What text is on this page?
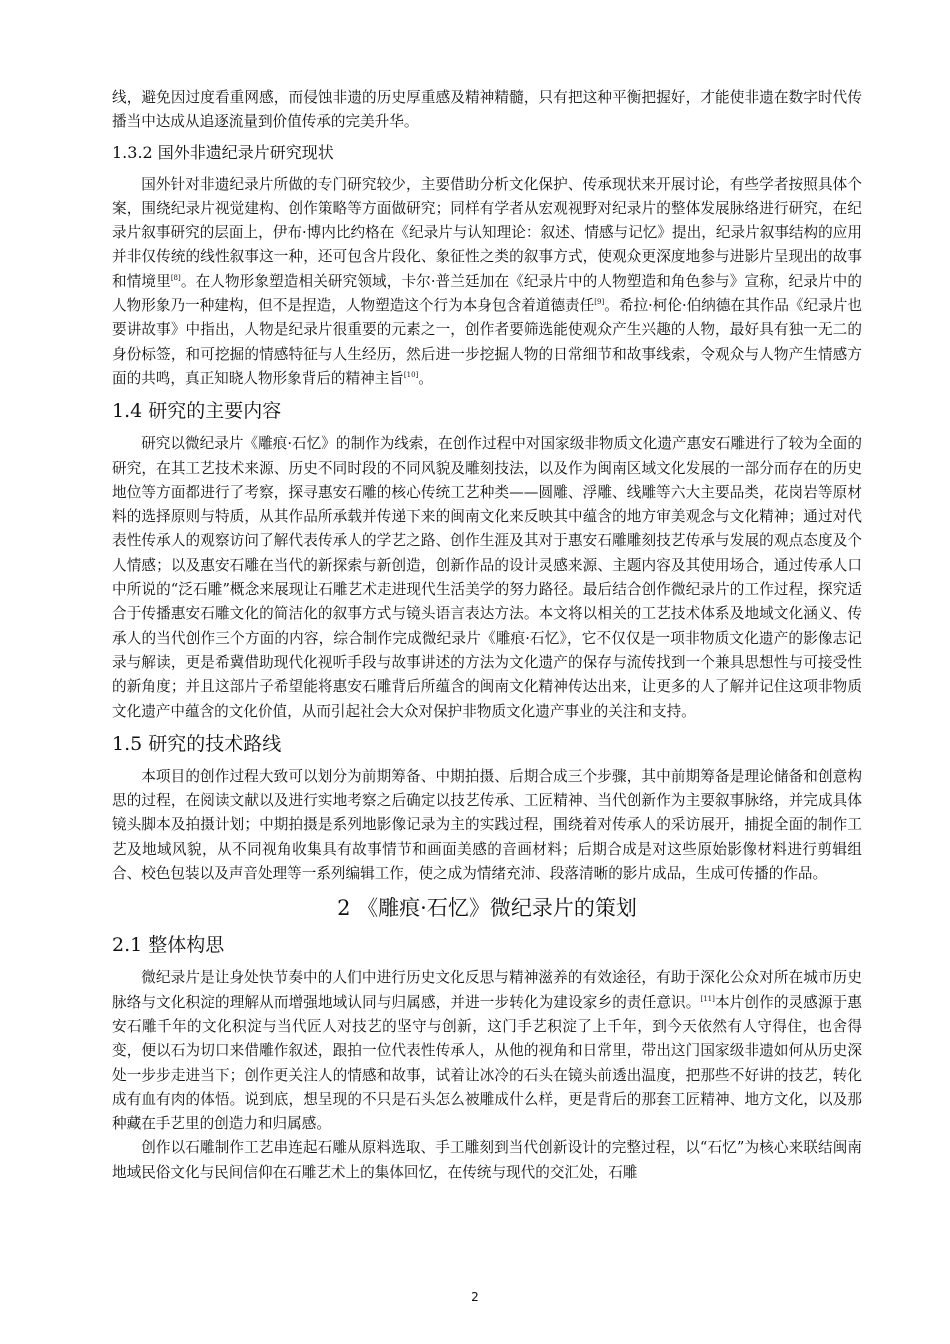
线，避免因过度看重网感，而侵蚀非遗的历史厚重感及精神精髓，只有把这种平衡把握好，才能使非遗在数字时代传播当中达成从追逐流量到价值传承的完美升华。

1.3.2 国外非遗纪录片研究现状

国外针对非遗纪录片所做的专门研究较少，主要借助分析文化保护、传承现状来开展讨论，有些学者按照具体个案，围绕纪录片视觉建构、创作策略等方面做研究；同样有学者从宏观视野对纪录片的整体发展脉络进行研究，在纪录片叙事研究的层面上，伊布·博内比约格在《纪录片与认知理论：叙述、情感与记忆》提出，纪录片叙事结构的应用并非仅传统的线性叙事这一种，还可包含片段化、象征性之类的叙事方式，使观众更深度地参与进影片呈现出的故事和情境里[8]。在人物形象塑造相关研究领域，卡尔·普兰廷加在《纪录片中的人物塑造和角色参与》宣称，纪录片中的人物形象乃一种建构，但不是捏造，人物塑造这个行为本身包含着道德责任[9]。希拉·柯伦·伯纳德在其作品《纪录片也要讲故事》中指出，人物是纪录片很重要的元素之一，创作者要筛选能使观众产生兴趣的人物，最好具有独一无二的身份标签，和可挖掘的情感特征与人生经历，然后进一步挖掘人物的日常细节和故事线索，令观众与人物产生情感方面的共鸣，真正知晓人物形象背后的精神主旨[10]。

1.4 研究的主要内容

研究以微纪录片《雕痕·石忆》的制作为线索，在创作过程中对国家级非物质文化遗产惠安石雕进行了较为全面的研究，在其工艺技术来源、历史不同时段的不同风貌及雕刻技法，以及作为闽南区域文化发展的一部分而存在的历史地位等方面都进行了考察，探寻惠安石雕的核心传统工艺种类——圆雕、浮雕、线雕等六大主要品类，花岗岩等原材料的选择原则与特质，从其作品所承载并传递下来的闽南文化来反映其中蕴含的地方审美观念与文化精神；通过对代表性传承人的观察访问了解代表传承人的学艺之路、创作生涯及其对于惠安石雕雕刻技艺传承与发展的观点态度及个人情感；以及惠安石雕在当代的新探索与新创造，创新作品的设计灵感来源、主题内容及其使用场合，通过传承人口中所说的“泛石雕”概念来展现让石雕艺术走进现代生活美学的努力路径。最后结合创作微纪录片的工作过程，探究适合于传播惠安石雕文化的简洁化的叙事方式与镜头语言表达方法。本文将以相关的工艺技术体系及地域文化涵义、传承人的当代创作三个方面的内容，综合制作完成微纪录片《雕痕·石忆》，它不仅仅是一项非物质文化遗产的影像志记录与解读，更是希冀借助现代化视听手段与故事讲述的方法为文化遗产的保存与流传找到一个兼具思想性与可接受性的新角度；并且这部片子希望能将惠安石雕背后所蕴含的闽南文化精神传达出来，让更多的人了解并记住这项非物质文化遗产中蕴含的文化价值，从而引起社会大众对保护非物质文化遗产事业的关注和支持。

1.5 研究的技术路线

本项目的创作过程大致可以划分为前期筹备、中期拍摄、后期合成三个步骤，其中前期筹备是理论储备和创意构思的过程，在阅读文献以及进行实地考察之后确定以技艺传承、工匠精神、当代创新作为主要叙事脉络，并完成具体镜头脚本及拍摄计划；中期拍摄是系列地影像记录为主的实践过程，围绕着对传承人的采访展开，捕捉全面的制作工艺及地域风貌，从不同视角收集具有故事情节和画面美感的音画材料；后期合成是对这些原始影像材料进行剪辑组合、校色包装以及声音处理等一系列编辑工作，使之成为情绪充沛、段落清晰的影片成品，生成可传播的作品。

2 《雕痕·石忆》微纪录片的策划
2.1 整体构思

微纪录片是让身处快节奏中的人们中进行历史文化反思与精神滋养的有效途径，有助于深化公众对所在城市历史脉络与文化积淀的理解从而增强地域认同与归属感，并进一步转化为建设家乡的责任意识。[11]本片创作的灵感源于惠安石雕千年的文化积淀与当代匠人对技艺的坚守与创新，这门手艺积淀了上千年，到今天依然有人守得住，也舍得变，便以石为切口来借雕作叙述，跟拍一位代表性传承人，从他的视角和日常里，带出这门国家级非遗如何从历史深处一步步走进当下；创作更关注人的情感和故事，试着让冰冷的石头在镜头前透出温度，把那些不好讲的技艺，转化成有血有肉的体悟。说到底，想呈现的不只是石头怎么被雕成什么样，更是背后的那套工匠精神、地方文化，以及那种藏在手艺里的创造力和归属感。

创作以石雕制作工艺串连起石雕从原料选取、手工雕刻到当代创新设计的完整过程，以“石忆”为核心来联结闽南地域民俗文化与民间信仰在石雕艺术上的集体回忆，在传统与现代的交汇处，石雕

2
